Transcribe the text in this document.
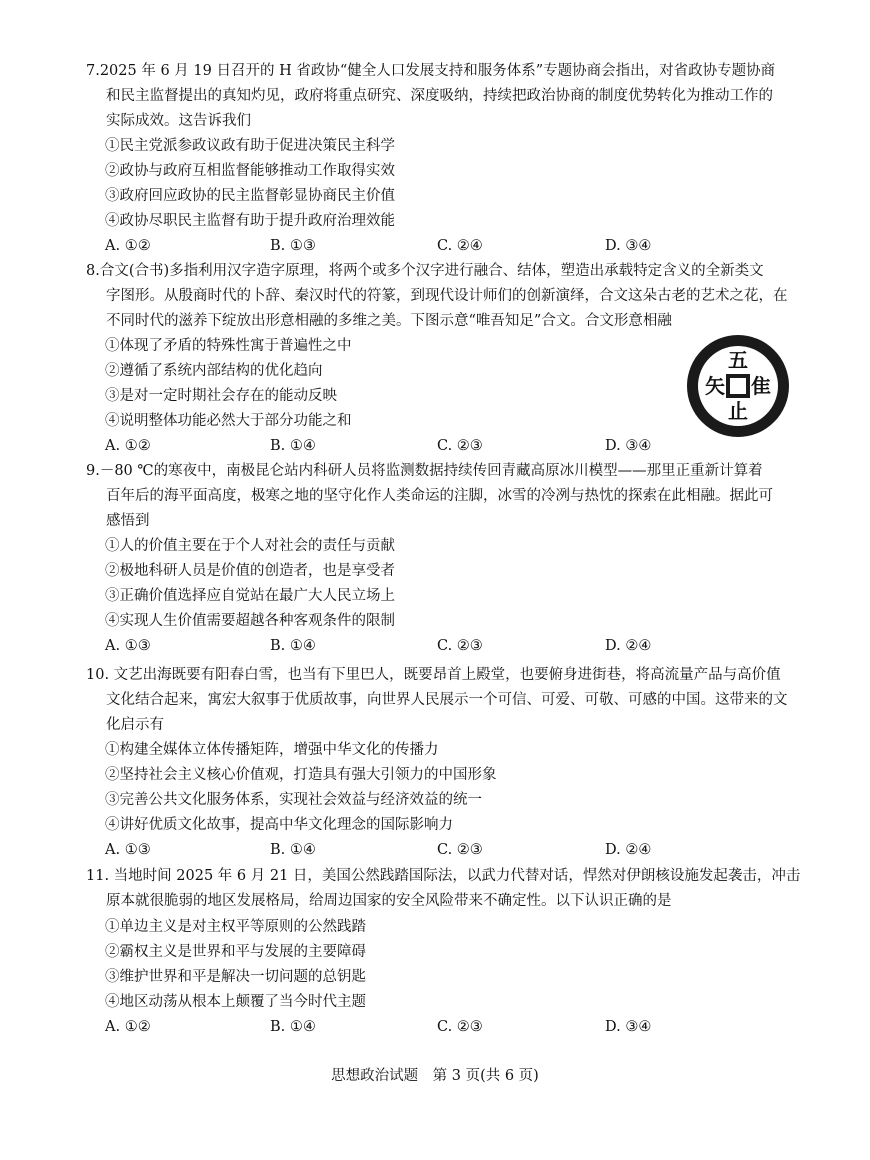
7.2025 年 6 月 19 日召开的 H 省政协“健全人口发展支持和服务体系”专题协商会指出，对省政协专题协商
和民主监督提出的真知灼见，政府将重点研究、深度吸纳，持续把政治协商的制度优势转化为推动工作的
实际成效。这告诉我们
①民主党派参政议政有助于促进决策民主科学
②政协与政府互相监督能够推动工作取得实效
③政府回应政协的民主监督彰显协商民主价值
④政协尽职民主监督有助于提升政府治理效能
A. ①②	B. ①③	C. ②④	D. ③④
8.合文(合书)多指利用汉字造字原理，将两个或多个汉字进行融合、结体，塑造出承载特定含义的全新类文
字图形。从殷商时代的卜辞、秦汉时代的符篆，到现代设计师们的创新演绎，合文这朵古老的艺术之花，在
不同时代的滋养下绽放出形意相融的多维之美。下图示意“唯吾知足”合文。合文形意相融
①体现了矛盾的特殊性寓于普遍性之中
②遵循了系统内部结构的优化趋向
③是对一定时期社会存在的能动反映
④说明整体功能必然大于部分功能之和
A. ①②	B. ①④	C. ②③	D. ③④
五
隹
止
矢
9.－80 ℃的寒夜中，南极昆仑站内科研人员将监测数据持续传回青藏高原冰川模型——那里正重新计算着
百年后的海平面高度，极寒之地的坚守化作人类命运的注脚，冰雪的冷冽与热忱的探索在此相融。据此可
感悟到
①人的价值主要在于个人对社会的责任与贡献
②极地科研人员是价值的创造者，也是享受者
③正确价值选择应自觉站在最广大人民立场上
④实现人生价值需要超越各种客观条件的限制
A. ①③	B. ①④	C. ②③	D. ②④
10. 文艺出海既要有阳春白雪，也当有下里巴人，既要昂首上殿堂，也要俯身进街巷，将高流量产品与高价值
文化结合起来，寓宏大叙事于优质故事，向世界人民展示一个可信、可爱、可敬、可感的中国。这带来的文
化启示有
①构建全媒体立体传播矩阵，增强中华文化的传播力
②坚持社会主义核心价值观，打造具有强大引领力的中国形象
③完善公共文化服务体系，实现社会效益与经济效益的统一
④讲好优质文化故事，提高中华文化理念的国际影响力
A. ①③	B. ①④	C. ②③	D. ②④
11. 当地时间 2025 年 6 月 21 日，美国公然践踏国际法，以武力代替对话，悍然对伊朗核设施发起袭击，冲击
原本就很脆弱的地区发展格局，给周边国家的安全风险带来不确定性。以下认识正确的是
①单边主义是对主权平等原则的公然践踏
②霸权主义是世界和平与发展的主要障碍
③维护世界和平是解决一切问题的总钥匙
④地区动荡从根本上颠覆了当今时代主题
A. ①②	B. ①④	C. ②③	D. ③④
思想政治试题　第 3 页(共 6 页)
